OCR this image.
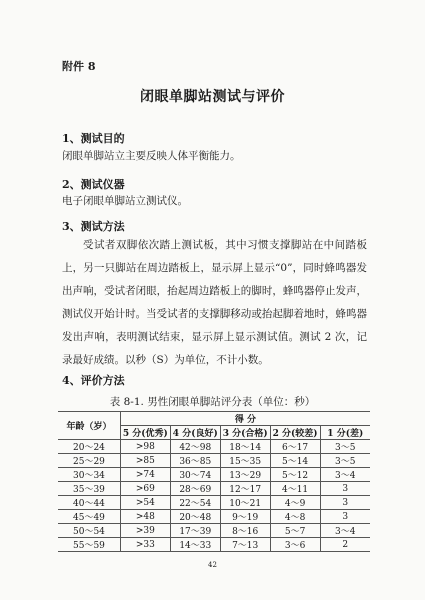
附件 8
闭眼单脚站测试与评价
1、测试目的
闭眼单脚站立主要反映人体平衡能力。
2、测试仪器
电子闭眼单脚站立测试仪。
3、测试方法
受试者双脚依次踏上测试板，其中习惯支撑脚站在中间踏板上，另一只脚站在周边踏板上，显示屏上显示“0”，同时蜂鸣器发出声响，受试者闭眼，抬起周边踏板上的脚时，蜂鸣器停止发声，测试仪开始计时。当受试者的支撑脚移动或抬起脚着地时，蜂鸣器发出声响，表明测试结束，显示屏上显示测试值。测试 2 次，记录最好成绩。以秒（S）为单位，不计小数。
4、评价方法
表 8-1. 男性闭眼单脚站评分表（单位：秒）
年龄（岁）	得 分				
	5 分(优秀)	4 分(良好)	3 分(合格)	2 分(较差)	1 分(差)
20～24	>98	42～98	18～14	6～17	3～5
25～29	>85	36～85	15～35	5～14	3～5
30～34	>74	30～74	13～29	5～12	3～4
35～39	>69	28～69	12～17	4～11	3
40～44	>54	22～54	10～21	4～9	3
45～49	>48	20～48	9～19	4～8	3
50～54	>39	17～39	8～16	5～7	3～4
55～59	>33	14～33	7～13	3～6	2
42
